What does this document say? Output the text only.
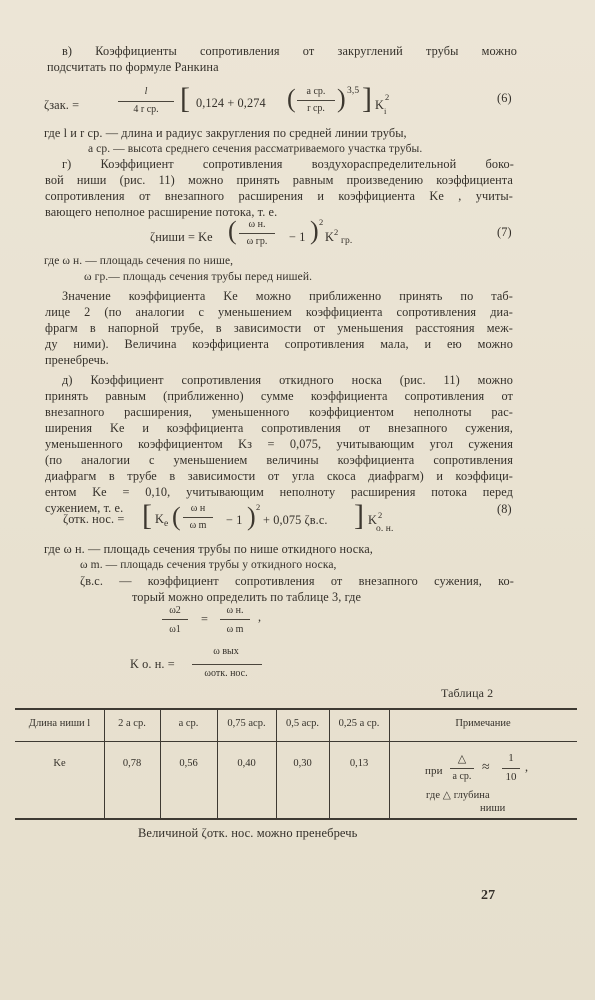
в) Коэффициенты сопротивления от закруглений трубы можно
подсчитать по формуле Ранкина
ζзак. =
l
4 r ср. [ 0,124 + 0,274 (	a ср.
r ср. ) 3,5 ] K i
2	(6)
где l и r ср. — длина и радиус закругления по средней линии трубы,
a ср. — высота среднего сечения рассматриваемого участка трубы.
г) Коэффициент сопротивления воздухораспределительной боко-
вой ниши (рис. 11) можно принять равным произведению коэффициента
сопротивления от внезапного расширения и коэффициента Kе , учиты-
вающего неполное расширение потока, т. е.
ζниши = Kе (	ω н.
ω гр.	− 1 ) 2
K 2
гр.
(7)
где ω н. — площадь сечения по нише,
ω гр.— площадь сечения трубы перед нишей.
Значение коэффициента Kе можно приближенно принять по таб-
лице 2 (по аналогии с уменьшением коэффициента сопротивления диа-
фрагм в напорной трубе, в зависимости от уменьшения расстояния меж-
ду ними). Величина коэффициента сопротивления мала, и ею можно
пренебречь.
д) Коэффициент сопротивления откидного носка (рис. 11) можно
принять равным (приближенно) сумме коэффициента сопротивления от
внезапного расширения, уменьшенного коэффициентом неполноты рас-
ширения Kе и коэффициента сопротивления от внезапного сужения,
уменьшенного коэффициентом Kз = 0,075, учитывающим угол сужения
(по аналогии с уменьшением величины коэффициента сопротивления
диафрагм в трубе в зависимости от угла скоса диафрагм) и коэффици-
ентом Kе = 0,10, учитывающим неполноту расширения потока перед
сужением, т. е.
ζотк. нос. = [ K е (	ω н
ω m	− 1 ) 2
+ 0,075 ζв.с. ] K 2
о. н.
(8)
где ω н. — площадь сечения трубы по нише откидного носка,
ω m. — площадь сечения трубы у откидного носка,
ζв.с. — коэффициент сопротивления от внезапного сужения, ко-
торый можно определить по таблице 3, где
ω2
ω1
=
ω н.
ω m
,
K о. н. =
ω вых
ωотк. нос.
Таблица 2
Длина ниши l	2 a ср.	a ср.	0,75 aср.	0,5 aср.	0,25 a ср.	Примечание
Kе	0,78	0,56	0,40	0,30	0,13
при
△
a ср.
≈
1
10
,
где △ глубина
ниши
Величиной ζотк. нос. можно пренебречь
27
